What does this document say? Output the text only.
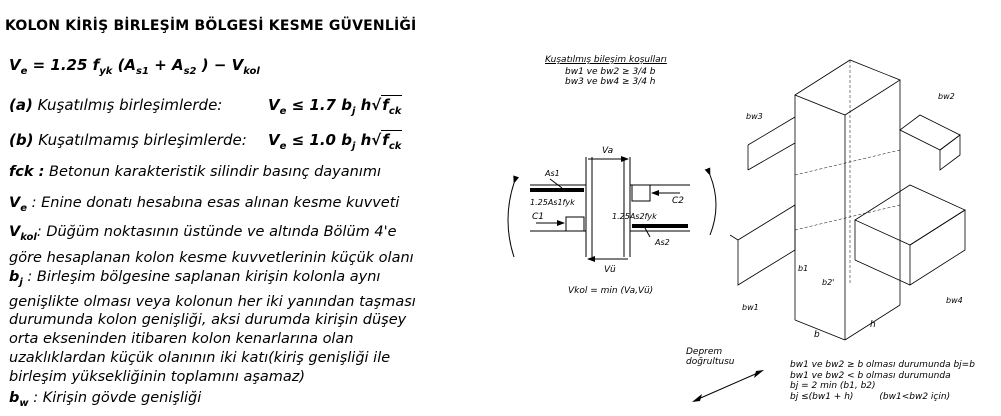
KOLON KİRİŞ BİRLEŞİM BÖLGESİ KESME GÜVENLİĞİ
$V_e = 1.25$ $f_{yk}$ ($A_{s1} + A_{s2}$ ) − $V_{kol}$
(a) Kuşatılmış birleşimlerde:	$V_e \le 1.7$ $b_j$ $h√f_{ck}$
(b) Kuşatılmamış birleşimlerde: $V_e \le 1.0$ $b_j$ $h√f_{ck}$
fck : Betonun karakteristik silindir basınç dayanımı
$V_e$ : Enine donatı hesabına esas alınan kesme kuvveti
$V_{kol}$: Düğüm noktasının üstünde ve altında Bölüm 4'e
göre hesaplanan kolon kesme kuvvetlerinin küçük olanı
$b_j$ : Birleşim bölgesine saplanan kirişin kolonla aynı
genişlikte olması veya kolonun her iki yanından taşması
durumunda kolon genişliği, aksi durumda kirişin düşey
orta ekseninden itibaren kolon kenarlarına olan
uzaklıklardan küçük olanının iki katı(kiriş genişliği ile
birleşim yüksekliğinin toplamını aşamaz)
$b_w$ : Kirişin gövde genişliği
Kuşatılmış bileşim koşulları
bw1 ve bw2 ≥ 3/4 b
bw3 ve bw4 ≥ 3/4 h
Va
As1
1.25As1fyk	C2
C1	1.25As2fyk
As2
Vü
Vkol = min (Va,Vü)
bw3
bw2
b1
b2'
bw1
bw4
b
h
Deprem
doğrultusu	bw1 ve bw2 ≥ b olması durumunda bj=b
bw1 ve bw2 < b olması durumunda
bj = 2 min (b1, b2)
bj ≤(bw1 + h)	(bw1<bw2 için)
